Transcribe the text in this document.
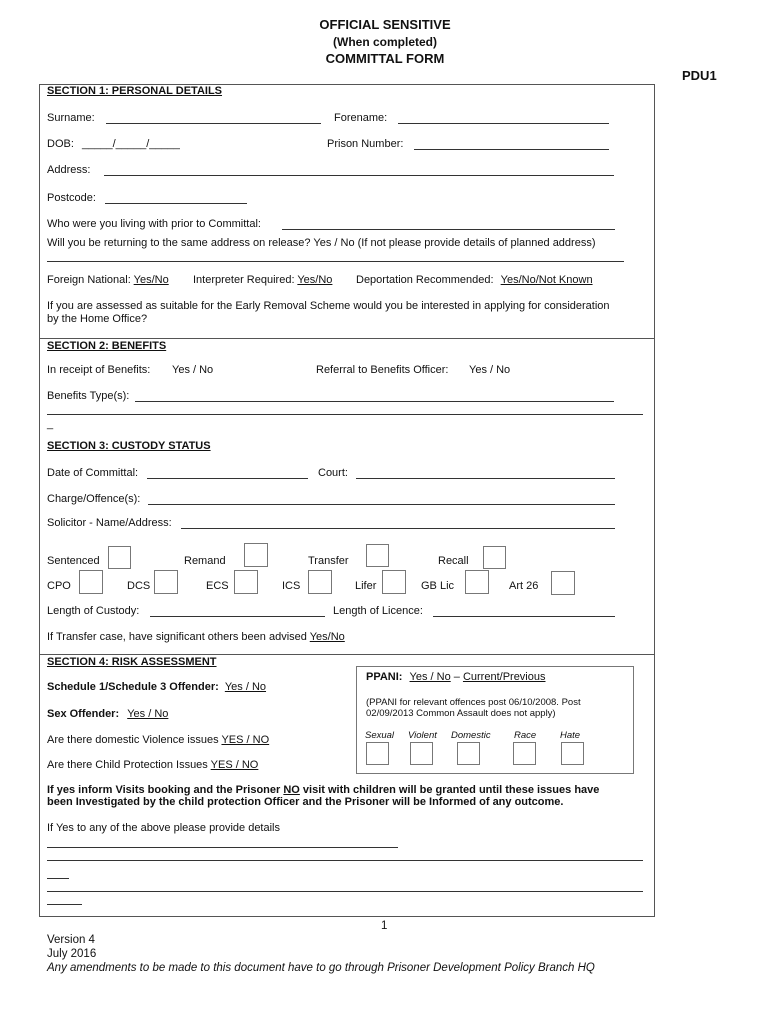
OFFICIAL SENSITIVE
(When completed)
COMMITTAL FORM
PDU1
SECTION 1: PERSONAL DETAILS
Surname:	Forename:
DOB: _____/_____/_____	Prison Number:
Address:
Postcode:
Who were you living with prior to Committal:
Will you be returning to the same address on release? Yes / No (If not please provide details of planned address)
Foreign National: Yes/No Interpreter Required: Yes/No Deportation Recommended: Yes/No/Not Known
If you are assessed as suitable for the Early Removal Scheme would you be interested in applying for consideration
by the Home Office?
SECTION 2: BENEFITS
In receipt of Benefits: Yes / No	Referral to Benefits Officer: Yes / No
Benefits Type(s):
_
SECTION 3: CUSTODY STATUS
Date of Committal:	Court:
Charge/Offence(s):
Solicitor - Name/Address:
Sentenced	Remand	Transfer	Recall
CPO	DCS	ECS	ICS	Lifer	GB Lic	Art 26
Length of Custody:	Length of Licence:
If Transfer case, have significant others been advised Yes/No
SECTION 4: RISK ASSESSMENT
Schedule 1/Schedule 3 Offender: Yes / No
Sex Offender: Yes / No
Are there domestic Violence issues YES / NO
Are there Child Protection Issues YES / NO
PPANI: Yes / No – Current/Previous
(PPANI for relevant offences post 06/10/2008. Post
02/09/2013 Common Assault does not apply)
Sexual Violent Domestic Race	Hate
If yes inform Visits booking and the Prisoner NO visit with children will be granted until these issues have
been Investigated by the child protection Officer and the Prisoner will be Informed of any outcome.
If Yes to any of the above please provide details
1
Version 4
July 2016
Any amendments to be made to this document have to go through Prisoner Development Policy Branch HQ
